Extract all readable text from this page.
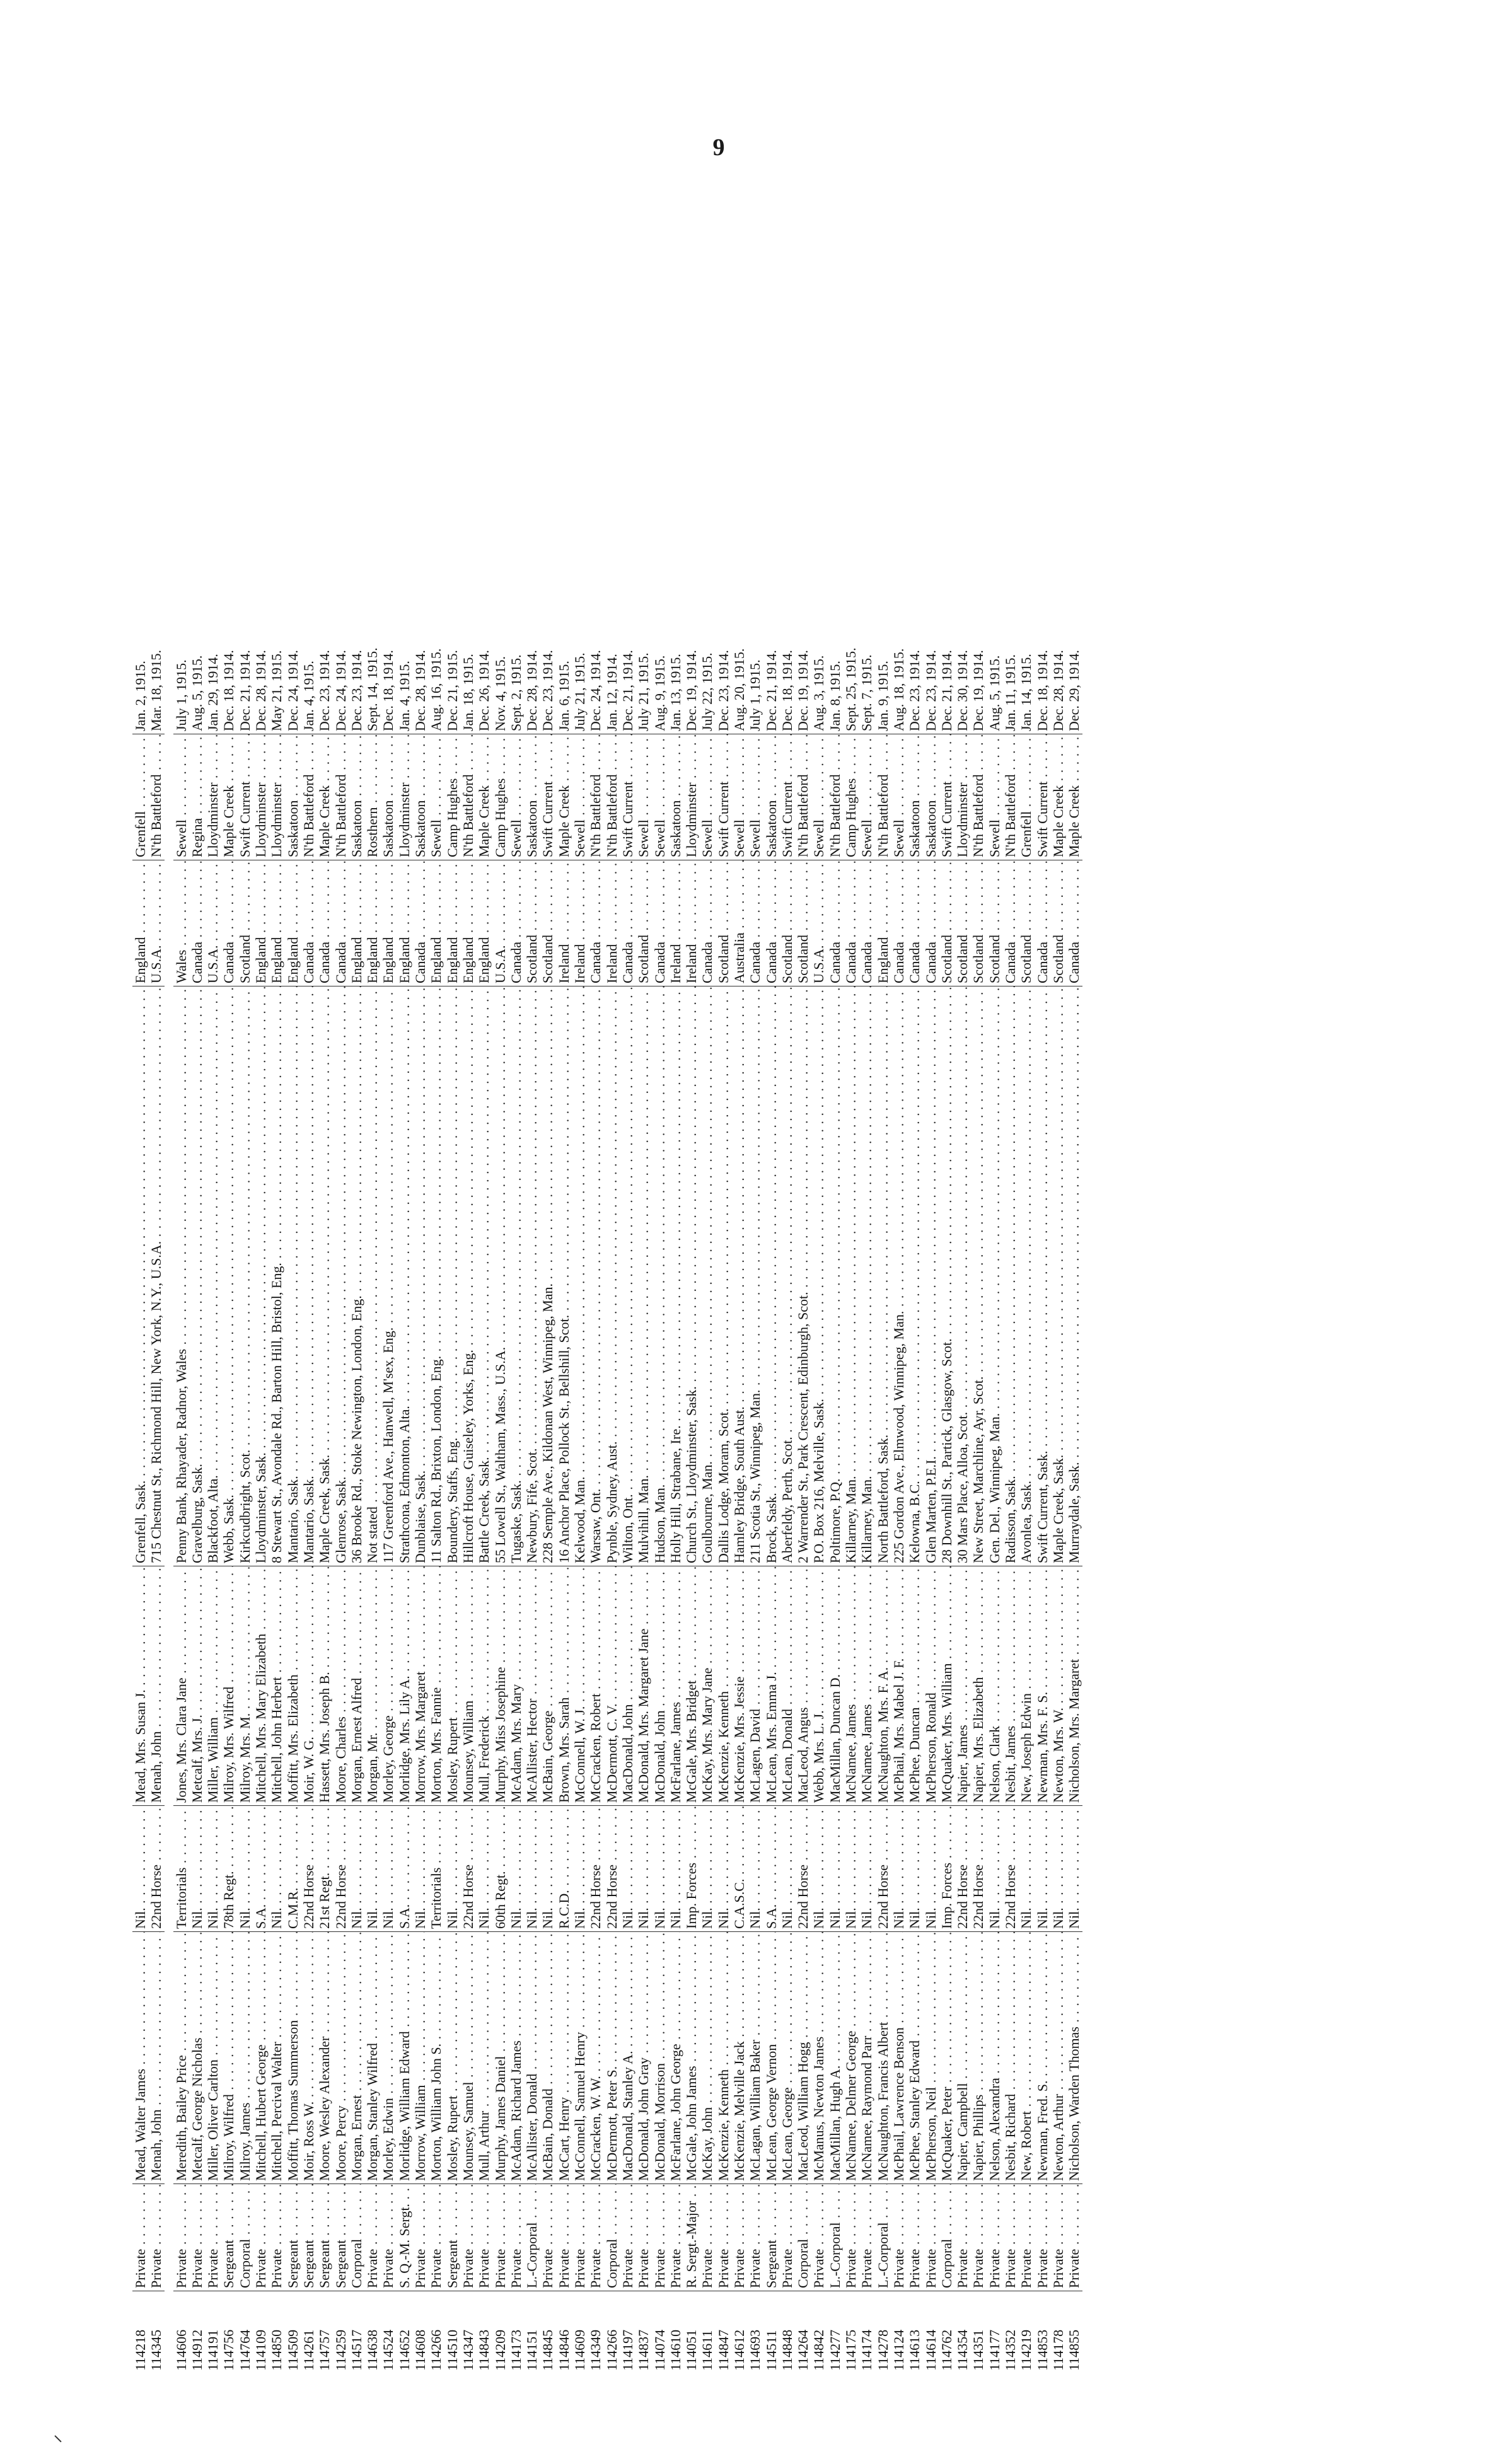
9
114218
Private . . .
Mead, Walter James . . .
Nil. . . .
Mead, Mrs. Susan J. . . .
Grenfell, Sask. . . .
England . . .
Grenfell . . .
Jan. 2, 1915.
114345
Private . . .
Menah, John . . .
22nd Horse . . .
Menah, John . . .
715 Chestnut St., Richmond Hill, New York, N.Y., U.S.A. . . .
U.S.A. . . .
N'th Battleford . . .
Mar. 18, 1915.
114606
Private . . .
Meredith, Bailey Price . . .
Territorials . . .
Jones, Mrs. Clara Jane . . .
Penny Bank, Rhayader, Radnor, Wales . . .
Wales . . .
Sewell . . .
July 1, 1915.
114912
Private . . .
Metcalf, George Nicholas . . .
Nil. . . .
Metcalf, Mrs. J. . . .
Gravelburg, Sask. . . .
Canada . . .
Regina . . .
Aug. 5, 1915.
114191
Private . . .
Miller, Oliver Carlton . . .
Nil. . . .
Miller, William . . .
Blackfoot, Alta. . . .
U.S.A. . . .
Lloydminster . . .
Jan. 29, 1914.
114756
Sergeant . . .
Milroy, Wilfred . . .
78th Regt. . . .
Milroy, Mrs. Wilfred . . .
Webb, Sask. . . .
Canada . . .
Maple Creek . . .
Dec. 18, 1914.
114764
Corporal . . .
Milroy, James . . .
Nil. . . .
Milroy, Mrs. M. . . .
Kirkcudbright, Scot. . . .
Scotland . . .
Swift Current . . .
Dec. 21, 1914.
114109
Private . . .
Mitchell, Hubert George . . .
S.A. . . .
Mitchell, Mrs. Mary Elizabeth . . .
Lloydminster, Sask. . . .
England . . .
Lloydminster . . .
Dec. 28, 1914.
114850
Private . . .
Mitchell, Percival Walter . . .
Nil. . . .
Mitchell, John Herbert . . .
8 Stewart St., Avondale Rd., Barton Hill, Bristol, Eng. . . .
England . . .
Lloydminster . . .
May 21, 1915.
114509
Sergeant . . .
Moffitt, Thomas Summerson . . .
C.M.R. . . .
Moffitt, Mrs. Elizabeth . . .
Mantario, Sask. . . .
England . . .
Saskatoon . . .
Dec. 24, 1914.
114261
Sergeant . . .
Moir, Ross W. . . .
22nd Horse . . .
Moir, W. G. . . .
Mantario, Sask. . . .
Canada . . .
N'th Battleford . . .
Jan. 4, 1915.
114757
Sergeant . . .
Moore, Wesley Alexander . . .
21st Regt. . . .
Hassett, Mrs. Joseph B. . . .
Maple Creek, Sask. . . .
Canada . . .
Maple Creek . . .
Dec. 23, 1914.
114259
Sergeant . . .
Moore, Percy . . .
22nd Horse . . .
Moore, Charles . . .
Glenrose, Sask. . . .
Canada . . .
N'th Battleford . . .
Dec. 24, 1914.
114517
Corporal . . .
Morgan, Ernest . . .
Nil. . . .
Morgan, Ernest Alfred . . .
36 Brooke Rd., Stoke Newington, London, Eng. . . .
England . . .
Saskatoon . . .
Dec. 23, 1914.
114638
Private . . .
Morgan, Stanley Wilfred . . .
Nil. . . .
Morgan, Mr. . . .
Not stated . . .
England . . .
Rosthern . . .
Sept. 14, 1915.
114524
Private . . .
Morley, Edwin . . .
Nil. . . .
Morley, George . . .
117 Greenford Ave., Hanwell, M'sex, Eng. . . .
England . . .
Saskatoon . . .
Dec. 18, 1914.
114652
S. Q.-M. Sergt. . . .
Morlidge, William Edward . . .
S.A. . . .
Morlidge, Mrs. Lily A. . . .
Strathcona, Edmonton, Alta. . . .
England . . .
Lloydminster . . .
Jan. 4, 1915.
114608
Private . . .
Morrow, William . . .
Nil. . . .
Morrow, Mrs. Margaret . . .
Dunblaise, Sask. . . .
Canada . . .
Saskatoon . . .
Dec. 28, 1914.
114266
Private . . .
Morton, William John S. . . .
Territorials . . .
Morton, Mrs. Fannie . . .
11 Salton Rd., Brixton, London, Eng. . . .
England . . .
Sewell . . .
Aug. 16, 1915.
114510
Sergeant . . .
Mosley, Rupert . . .
Nil. . . .
Mosley, Rupert . . .
Boundery, Staffs, Eng. . . .
England . . .
Camp Hughes . . .
Dec. 21, 1915.
114347
Private . . .
Mounsey, Samuel . . .
22nd Horse . . .
Mounsey, William . . .
Hillcroft House, Guiseley, Yorks, Eng. . . .
England . . .
N'th Battleford . . .
Jan. 18, 1915.
114843
Private . . .
Mull, Arthur . . .
Nil. . . .
Mull, Frederick . . .
Battle Creek, Sask. . . .
England . . .
Maple Creek . . .
Dec. 26, 1914.
114209
Private . . .
Murphy, James Daniel . . .
60th Regt. . . .
Murphy, Miss Josephine . . .
55 Lowell St., Waltham, Mass., U.S.A. . . .
U.S.A. . . .
Camp Hughes . . .
Nov. 4, 1915.
114173
Private . . .
McAdam, Richard James . . .
Nil. . . .
McAdam, Mrs. Mary . . .
Tugaske, Sask. . . .
Canada . . .
Sewell . . .
Sept. 2, 1915.
114151
L.-Corporal . . .
McAllister, Donald . . .
Nil. . . .
McAllister, Hector . . .
Newbury, Fife, Scot. . . .
Scotland . . .
Saskatoon . . .
Dec. 28, 1914.
114845
Private . . .
McBain, Donald . . .
Nil. . . .
McBain, George . . .
228 Semple Ave., Kildonan West, Winnipeg, Man. . . .
Scotland . . .
Swift Current . . .
Dec. 23, 1914.
114846
Private . . .
McCart, Henry . . .
R.C.D. . . .
Brown, Mrs. Sarah . . .
16 Anchor Place, Pollock St., Bellshill, Scot. . . .
Ireland . . .
Maple Creek . . .
Jan. 6, 1915.
114609
Private . . .
McConnell, Samuel Henry . . .
Nil. . . .
McConnell, W. J. . . .
Kelwood, Man. . . .
Ireland . . .
Sewell . . .
July 21, 1915.
114349
Private . . .
McCracken, W. W. . . .
22nd Horse . . .
McCracken, Robert . . .
Warsaw, Ont. . . .
Canada . . .
N'th Battleford . . .
Dec. 24, 1914.
114266
Corporal . . .
McDermott, Peter S. . . .
22nd Horse . . .
McDermott, C. V. . . .
Pynble, Sydney, Aust. . . .
Ireland . . .
N'th Battleford . . .
Jan. 12, 1914.
114197
Private . . .
MacDonald, Stanley A. . . .
Nil. . . .
MacDonald, John . . .
Wilton, Ont. . . .
Canada . . .
Swift Current . . .
Dec. 21, 1914.
114837
Private . . .
McDonald, John Gray . . .
Nil. . . .
McDonald, Mrs. Margaret Jane . . .
Mulvihill, Man. . . .
Scotland . . .
Sewell . . .
July 21, 1915.
114074
Private . . .
McDonald, Morrison . . .
Nil. . . .
McDonald, John . . .
Hudson, Man. . . .
Canada . . .
Sewell . . .
Aug. 9, 1915.
114610
Private . . .
McFarlane, John George . . .
Nil. . . .
McFarlane, James . . .
Holly Hill, Strabane, Ire. . . .
Ireland . . .
Saskatoon . . .
Jan. 13, 1915.
114051
R. Sergt.-Major . . .
McGale, John James . . .
Imp. Forces . . .
McGale, Mrs. Bridget . . .
Church St., Lloydminster, Sask. . . .
Ireland . . .
Lloydminster . . .
Dec. 19, 1914.
114611
Private . . .
McKay, John . . .
Nil. . . .
McKay, Mrs. Mary Jane . . .
Goulbourne, Man. . . .
Canada . . .
Sewell . . .
July 22, 1915.
114847
Private . . .
McKenzie, Kenneth . . .
Nil. . . .
McKenzie, Kenneth . . .
Dallis Lodge, Moram, Scot. . . .
Scotland . . .
Swift Current . . .
Dec. 23, 1914.
114612
Private . . .
McKenzie, Melville Jack . . .
C.A.S.C. . . .
McKenzie, Mrs. Jessie . . .
Hamley Bridge, South Aust. . . .
Australia . . .
Sewell . . .
Aug. 20, 1915.
114693
Private . . .
McLagan, William Baker . . .
Nil. . . .
McLagen, David . . .
211 Scotia St., Winnipeg, Man. . . .
Canada . . .
Sewell . . .
July 1, 1915.
114511
Sergeant . . .
McLean, George Vernon . . .
S.A. . . .
McLean, Mrs. Emma J. . . .
Brock, Sask. . . .
Canada . . .
Saskatoon . . .
Dec. 21, 1914.
114848
Private . . .
McLean, George . . .
Nil. . . .
McLean, Donald . . .
Aberfeldy, Perth, Scot. . . .
Scotland . . .
Swift Current . . .
Dec. 18, 1914.
114264
Corporal . . .
MacLeod, William Hogg . . .
22nd Horse . . .
MacLeod, Angus . . .
2 Warrender St., Park Crescent, Edinburgh, Scot. . . .
Scotland . . .
N'th Battleford . . .
Dec. 19, 1914.
114842
Private . . .
McManus, Newton James . . .
Nil. . . .
Webb, Mrs. L. J. . . .
P.O. Box 216, Melville, Sask. . . .
U.S.A. . . .
Sewell . . .
Aug. 3, 1915.
114277
L.-Corporal . . .
MacMillan, Hugh A. . . .
Nil. . . .
MacMillan, Duncan D. . . .
Poltimore, P.Q. . . .
Canada . . .
N'th Battleford . . .
Jan. 8, 1915.
114175
Private . . .
McNamee, Delmer George . . .
Nil. . . .
McNamee, James . . .
Killarney, Man. . . .
Canada . . .
Camp Hughes . . .
Sept. 25, 1915.
114174
Private . . .
McNamee, Raymond Parr . . .
Nil. . . .
McNamee, James . . .
Killarney, Man. . . .
Canada . . .
Sewell . . .
Sept. 7, 1915.
114278
L.-Corporal . . .
McNaughton, Francis Albert . . .
22nd Horse . . .
McNaughton, Mrs. F. A. . . .
North Battleford, Sask. . . .
England . . .
N'th Battleford . . .
Jan. 9, 1915.
114124
Private . . .
McPhail, Lawrence Benson . . .
Nil. . . .
McPhail, Mrs. Mabel J. F. . . .
225 Gordon Ave., Elmwood, Winnipeg, Man. . . .
Canada . . .
Sewell . . .
Aug. 18, 1915.
114613
Private . . .
McPhee, Stanley Edward . . .
Nil. . . .
McPhee, Duncan . . .
Kelowna, B.C. . . .
Canada . . .
Saskatoon . . .
Dec. 23, 1914.
114614
Private . . .
McPherson, Neil . . .
Nil. . . .
McPherson, Ronald . . .
Glen Marten, P.E.I. . . .
Canada . . .
Saskatoon . . .
Dec. 23, 1914.
114762
Corporal . . .
McQuaker, Peter . . .
Imp. Forces . . .
McQuaker, Mrs. William . . .
28 Downhill St., Partick, Glasgow, Scot. . . .
Scotland . . .
Swift Current . . .
Dec. 21, 1914.
114354
Private . . .
Napier, Campbell . . .
22nd Horse . . .
Napier, James . . .
30 Mars Place, Alloa, Scot. . . .
Scotland . . .
Lloydminster . . .
Dec. 30, 1914.
114351
Private . . .
Napier, Phillips . . .
22nd Horse . . .
Napier, Mrs. Elizabeth . . .
New Street, Marchline, Ayr, Scot. . . .
Scotland . . .
N'th Battleford . . .
Dec. 19, 1914.
114177
Private . . .
Nelson, Alexandra . . .
Nil. . . .
Nelson, Clark . . .
Gen. Del., Winnipeg, Man. . . .
Scotland . . .
Sewell . . .
Aug. 5, 1915.
114352
Private . . .
Nesbit, Richard . . .
22nd Horse . . .
Nesbit, James . . .
Radisson, Sask. . . .
Canada . . .
N'th Battleford . . .
Jan. 11, 1915.
114219
Private . . .
New, Robert . . .
Nil. . . .
New, Joseph Edwin . . .
Avonlea, Sask. . . .
Scotland . . .
Grenfell . . .
Jan. 14, 1915.
114853
Private . . .
Newman, Fred. S. . . .
Nil. . . .
Newman, Mrs. F. S. . . .
Swift Current, Sask. . . .
Canada . . .
Swift Current . . .
Dec. 18, 1914.
114178
Private . . .
Newton, Arthur . . .
Nil. . . .
Newton, Mrs. W. . . .
Maple Creek, Sask. . . .
Scotland . . .
Maple Creek . . .
Dec. 28, 1914.
114855
Private . . .
Nicholson, Warden Thomas . . .
Nil. . . .
Nicholson, Mrs. Margaret . . .
Murraydale, Sask. . . .
Canada . . .
Maple Creek . . .
Dec. 29, 1914.
